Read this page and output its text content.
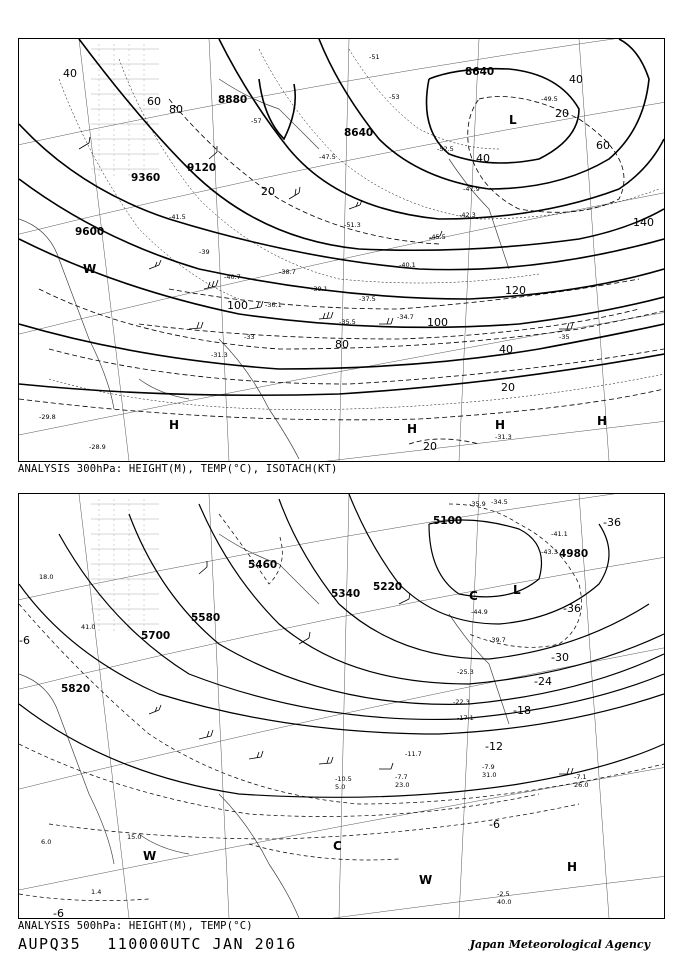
8880
8640
9120
9360
9600
8640
40
60
80
20
40
60
100
80
140
120
100
20
40
20
20
40
L
H	H	H	H
W
-51
-53
-45.5
-40.7
-39
-38.7
-35.5
-34.7
-33
-31.3
-31.3
-29.8
-28.9
-57
-51.3
-52.5
-49.5
-47.9
-42.3
-37.5
-39.1
-36.1
-40.1
-47.5
-41.5
-35
ANALYSIS 300hPa: HEIGHT(M), TEMP(°C), ISOTACH(KT)
5100
4980
5220
5340
5460
5580
5700
5820
-36
-36
-30
-24
-18
-12
-6
-6
-6
-7.9
-7.7	-7.1
-10.5
-11.7
-17.1
-22.3
-25.3
-39.7
-41.1
-43.3
-44.9
-34.5
-35.9
L
C
C
H
W
W
31.0
26.0
23.0
5.0
40.0
41.0
18.0
15.0
6.0
1.4	-2.5
ANALYSIS 500hPa: HEIGHT(M), TEMP(°C)
AUPQ35 110000UTC JAN 2016	Japan Meteorological Agency
